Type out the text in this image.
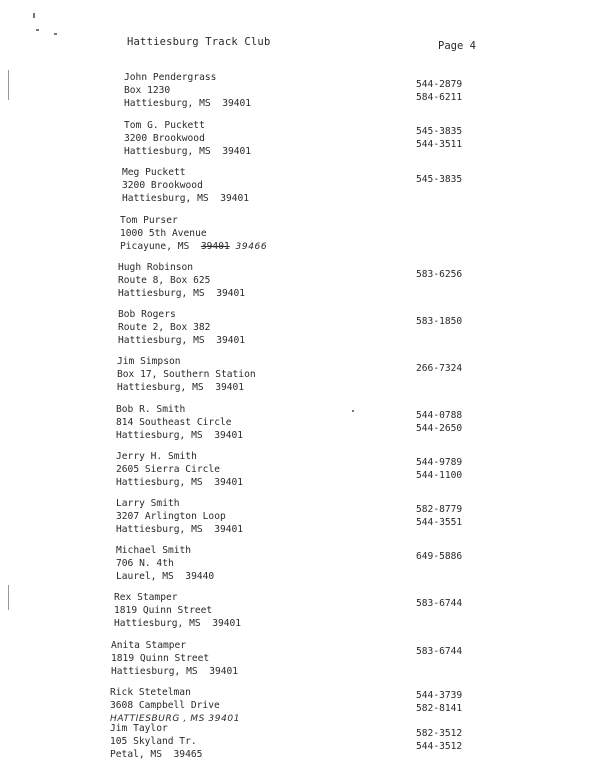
Hattiesburg Track Club	Page 4
John Pendergrass
Box 1230
Hattiesburg, MS  39401
544-2879
584-6211
Tom G. Puckett
3200 Brookwood
Hattiesburg, MS  39401
545-3835
544-3511
Meg Puckett
3200 Brookwood
Hattiesburg, MS  39401
545-3835
Tom Purser
1000 5th Avenue
Picayune, MS 39401 39466
Hugh Robinson
Route 8, Box 625
Hattiesburg, MS  39401
583-6256
Bob Rogers
Route 2, Box 382
Hattiesburg, MS  39401
583-1850
Jim Simpson
Box 17, Southern Station
Hattiesburg, MS  39401
266-7324
Bob R. Smith
814 Southeast Circle
Hattiesburg, MS  39401
544-0788
544-2650
Jerry H. Smith
2605 Sierra Circle
Hattiesburg, MS  39401
544-9789
544-1100
Larry Smith
3207 Arlington Loop
Hattiesburg, MS  39401
582-8779
544-3551
Michael Smith
706 N. 4th
Laurel, MS  39440
649-5886
Rex Stamper
1819 Quinn Street
Hattiesburg, MS  39401
583-6744
Anita Stamper
1819 Quinn Street
Hattiesburg, MS  39401
583-6744
Rick Stetelman
3608 Campbell Drive
HATTIESBURG , MS 39401
544-3739
582-8141
Jim Taylor
105 Skyland Tr.
Petal, MS  39465
582-3512
544-3512
